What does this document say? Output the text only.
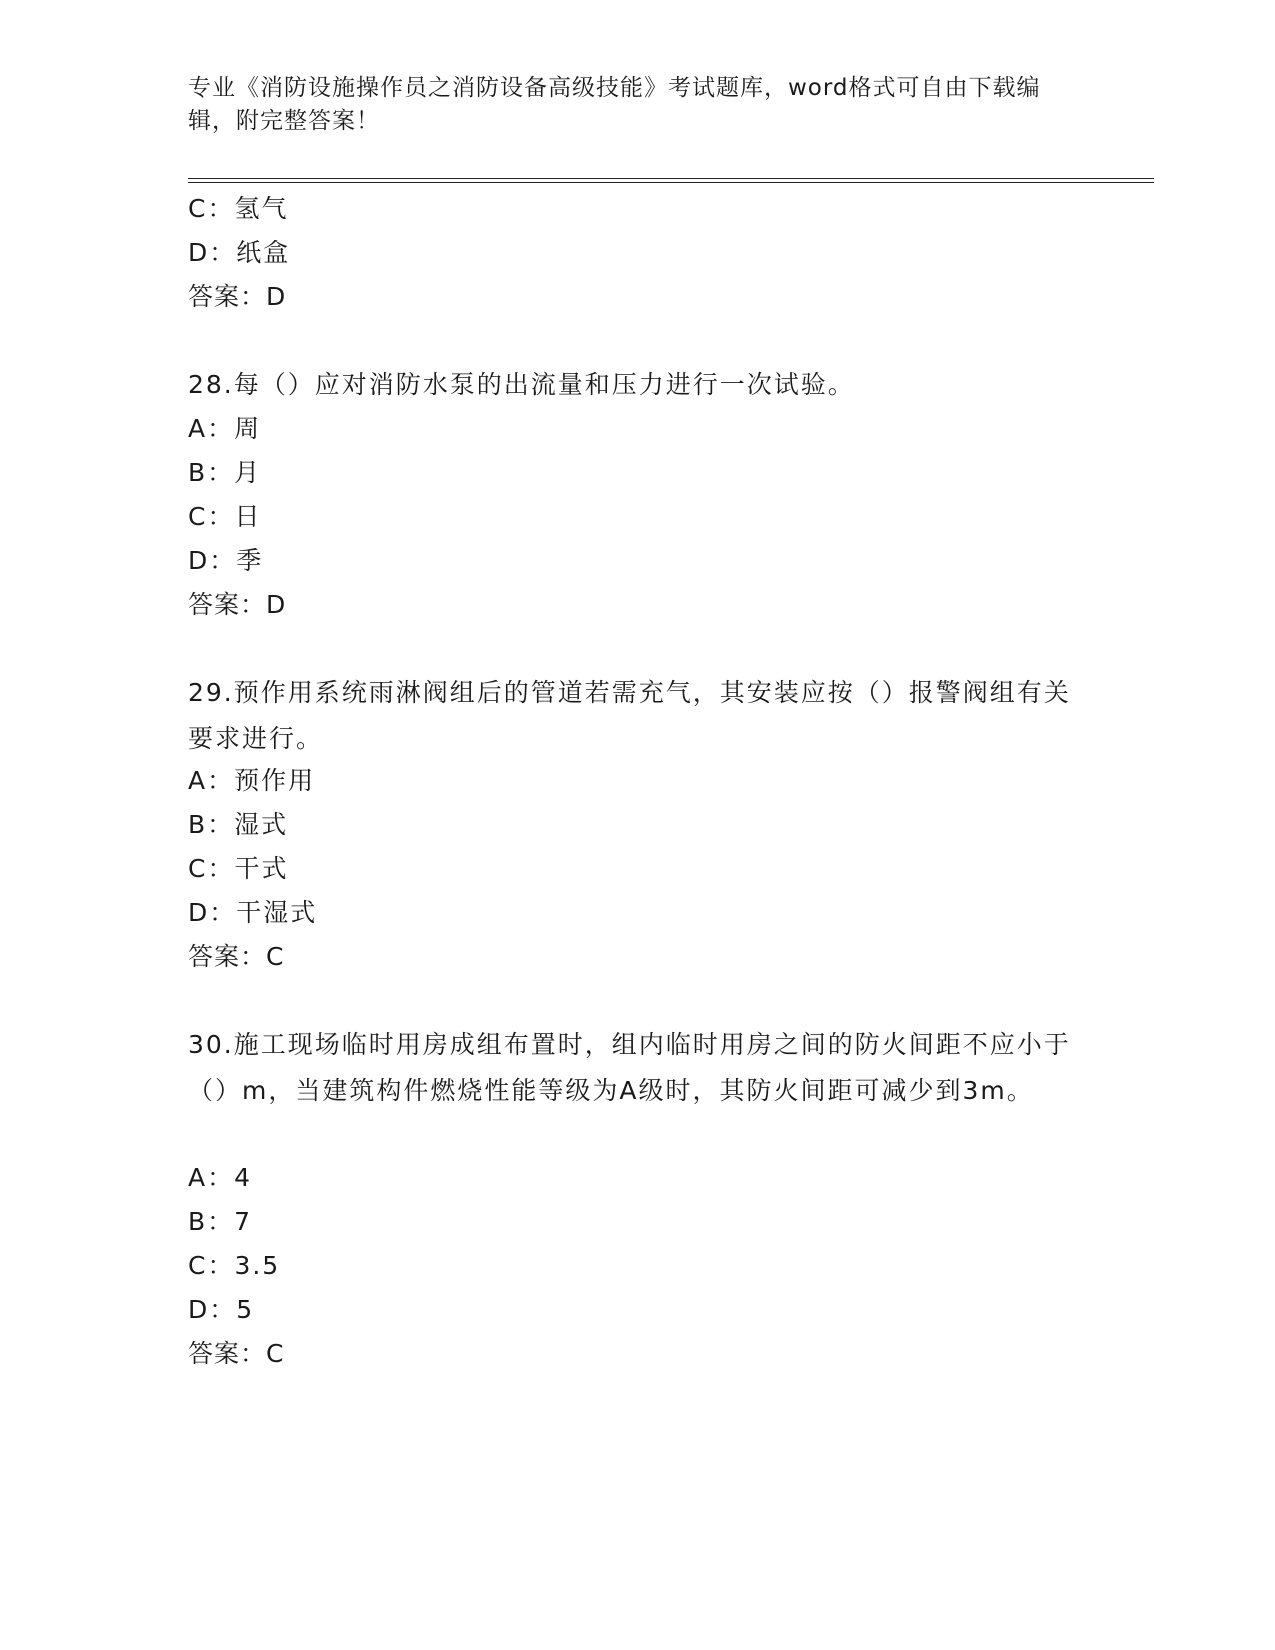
专业《消防设施操作员之消防设备高级技能》考试题库，word格式可自由下载编辑，附完整答案！
C：氢气
D：纸盒
答案：D
28.每（）应对消防水泵的出流量和压力进行一次试验。
A：周
B：月
C：日
D：季
答案：D
29.预作用系统雨淋阀组后的管道若需充气，其安装应按（）报警阀组有关要求进行。
A：预作用
B：湿式
C：干式
D：干湿式
答案：C
30.施工现场临时用房成组布置时，组内临时用房之间的防火间距不应小于（）m，当建筑构件燃烧性能等级为A级时，其防火间距可减少到3m。
A：4
B：7
C：3.5
D：5
答案：C
